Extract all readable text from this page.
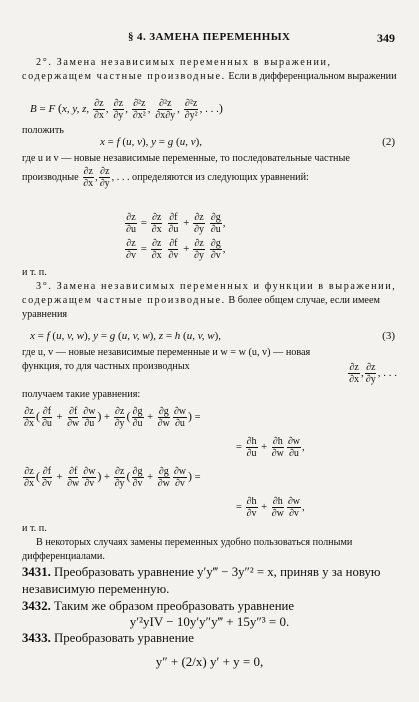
§ 4. ЗАМЕНА ПЕРЕМЕННЫХ	349
2°. Замена независимых переменных в выражении, содержащем частные производные. Если в дифференциальном выражении
B = F (x, y, z, $\frac{\partial z}{\partial x}$ , $\frac{\partial z}{\partial y}$ , $\frac{\text{∂²z}}{\text{∂x²}}$ , $\frac{\text{∂²z}}{\partial x\partial y}$ , $\frac{\text{∂²z}}{\text{∂y²}}$ , . . .)
положить
x = f (u, v), y = g (u, v),	(2)
где u и v — новые независимые переменные, то последовательные частные производные $\frac{\partial z}{\partial x}$ , $\frac{\partial z}{\partial y}$ , . . . определяются из следующих уравнений:
$\frac{\partial z}{\partial u} = \frac{\partial z}{\partial x}$
$\frac{\partial f}{\partial u} + \frac{\partial z}{\partial y}$
$\frac{\partial g}{\partial u}$ ,
$\frac{\partial z}{\partial v} = \frac{\partial z}{\partial x}$
$\frac{\partial f}{\partial v} + \frac{\partial z}{\partial y}$
$\frac{\partial g}{\partial v}$ ,
и т. п.
3°. Замена независимых переменных и функции в выражении, содержащем частные производные. В более общем случае, если имеем уравнения
x = f (u, v, w), y = g (u, v, w), z = h (u, v, w),	(3)
где u, v — новые независимые переменные и w = w (u, v) — новая функция, то для частных производных	$\frac{\partial z}{\partial x}$ , $\frac{\partial z}{\partial y}$ , . . .
получаем такие уравнения:
$\frac{\partial z}{\partial x}$ ( $\frac{\partial f}{\partial u} + \frac{\partial f}{\partial w} \frac{\partial w}{\partial u}$ ) + $\frac{\partial z}{\partial y}$ ( $\frac{\partial g}{\partial u} + \frac{\partial g}{\partial w} \frac{\partial w}{\partial u}$ ) =
= $\frac{\partial h}{\partial u} + \frac{\partial h}{\partial w} \frac{\partial w}{\partial u}$ ,
$\frac{\partial z}{\partial x}$ ( $\frac{\partial f}{\partial v} + \frac{\partial f}{\partial w} \frac{\partial w}{\partial v}$ ) + $\frac{\partial z}{\partial y}$ ( $\frac{\partial g}{\partial v} + \frac{\partial g}{\partial w} \frac{\partial w}{\partial v}$ ) =
= $\frac{\partial h}{\partial v} + \frac{\partial h}{\partial w} \frac{\partial w}{\partial v}$ ,
и т. п.
В некоторых случаях замены переменных удобно пользоваться полными дифференциалами.
3431. Преобразовать уравнение y′y‴ − 3y″² = x, приняв y за новую независимую переменную.
3432. Таким же образом преобразовать уравнение
y′²yIV − 10y′y″y‴ + 15y″³ = 0.
3433. Преобразовать уравнение
y″ + (2/x) y′ + y = 0,
